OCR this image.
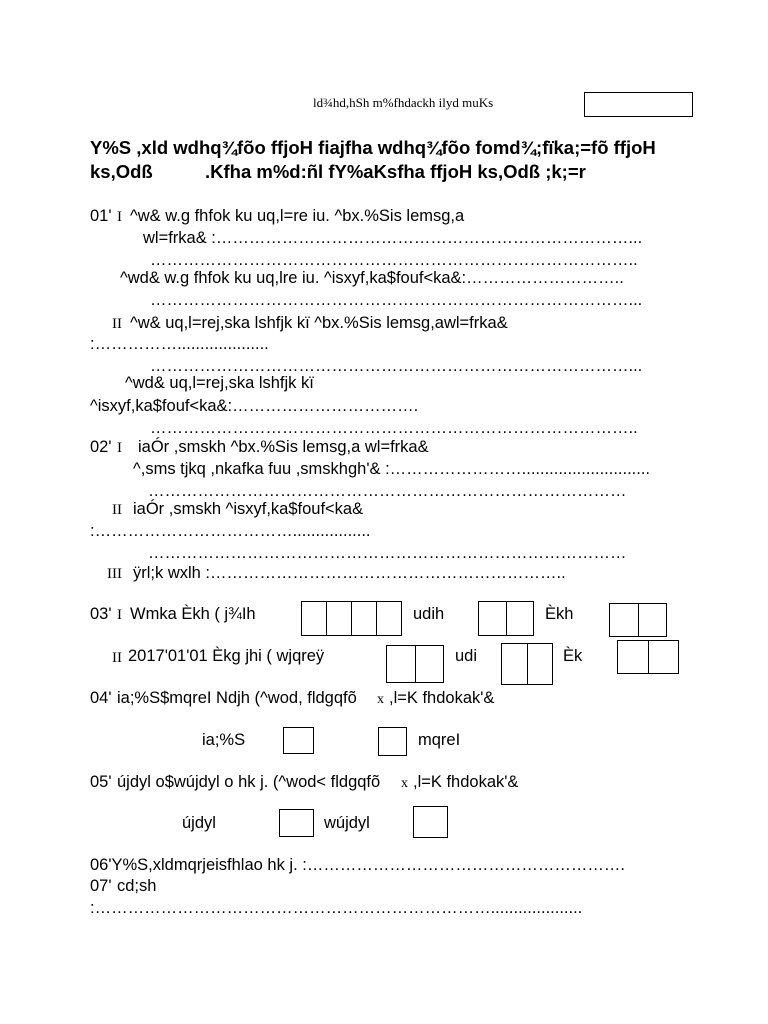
ld¾hd,hSh m%fhdackh ilyd muKs
Y%S ,xld wdhq¾fõo ffjoH fiajfha wdhq¾fõo fomd¾;fïka;=fõ ffjoH
ks,Odß	.Kfha m%d:ñl fY%aKsfha ffjoH ks,Odß ;k;=r
01' I ^w& w.g fhfok ku uq,l=re iu. ^bx.%Sis lemsg,a
wl=frka& :…………………………………………………………………...
……………………………………………………………………………..
^wd& w.g fhfok ku uq,lre iu. ^isxyf,ka$fouf<ka&:………………………..
……………………………………………………………………………...
II ^w& uq,l=rej,ska lshfjk kï ^bx.%Sis lemsg,awl=frka&
:……………....................
……………………………………………………………………………...
^wd& uq,l=rej,ska lshfjk kï
^isxyf,ka$fouf<ka&:…………………………….
……………………………………………………………………………..
02' I iaÓr ,smskh ^bx.%Sis lemsg,a wl=frka&
^,sms tjkq ,nkafka fuu ,smskhgh'& :……………………............................
……………………………………………………………………………
II iaÓr ,smskh ^isxyf,ka$fouf<ka&
:……………………………….................
……………………………………………………………………………
III ÿrl;k wxlh :………………………………………………………..
03' I Wmka Èkh ( j¾Ih	udih	Èkh
II 2017'01'01 Èkg jhi ( wjqreÿ	udi	Èk
04' ia;%S$mqreI Ndjh (^wod, fldgqfõ x ,l=K fhdokak'&
ia;%S	mqreI
05' újdyl o$wújdyl o hk j. (^wod< fldgqfõ x ,l=K fhdokak'&
újdyl	wújdyl
06'Y%S,xldmqrjeisfhlao hk j. :………………………………………………….
07' cd;sh
:………………………………………………………………....................
